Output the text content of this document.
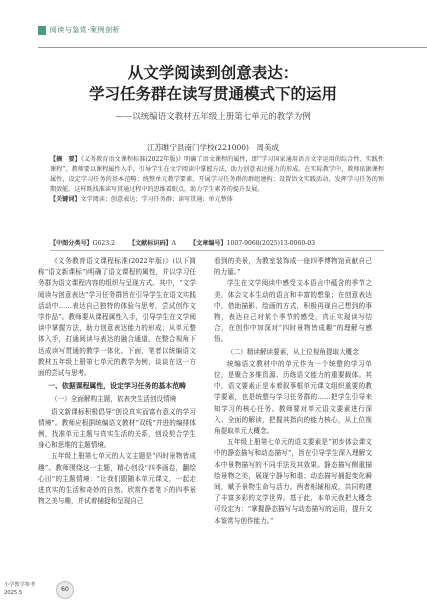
阅读与鉴赏·案例剖析
从文学阅读到创意表达：
学习任务群在读写贯通模式下的运用
——以统编语文教材五年级上册第七单元的教学为例
江苏睢宁县南门学校(221000)　周美成
【摘　要】《义务教育语文课程标准(2022年版)》明确了语文课程的属性，即“学习国家通用语言文字运用的综合性、实践性课程”。教师要以课程属性入手，引导学生在文学阅读中掌握方法，助力创意表达能力的形成。在实际教学中，教师依据课程属性，设定学习任务的基本范畴；统整单元教学要素，开展学习任务群的群组建构；设置语文实践活动，发挥学习任务的预期效能。这样既找准读写贯通过程中的思维着眼点，助力学生素养的提升发展。
【关键词】文学阅读；创意表达；学习任务群；读写贯通；单元整体
【中图分类号】G623.2 【文献标识码】A 【文章编号】1007-9068(2025)13-0060-03

《义务教育语文课程标准(2022年版)》(以下简称“语文新课标”)明确了语文课程的属性，并以学习任务群为语文课程内容的组织与呈现方式。其中，“文学阅读与创意表达”学习任务群旨在引导学生在语文实践活动中……表达自己独特的体验与思考，尝试创作文学作品”。教师要从课程属性入手，引导学生在文学阅读中掌握方法，助力创意表达能力的形成；从单元整体入手，打通阅读与表达的融合通道，在整合视角下达成读写贯通的教学一体化。下面，笔者以统编语文教材五年级上册第七单元的教学为例，谈谈在这一方面的尝试与思考。

一、依据课程属性，设定学习任务的基本范畴
（一）全面解构主题，依表突生活创设情境

语文新课标积极倡导“创设真实而富有意义的学习情境”。教师应根据统编语文教材“双线”并进的编排体例，找准单元主题与真实生活的关系，创设契合学生身心和思维的主题情境。

五年级上册第七单元的人文主题是“四时景物皆成趣”。教师围绕这一主题，精心创设“四季画卷，翻绘心田”的主题情境：“让我们跟随本单元课文，一起走进真实的生活和奇妙的自然。欣赏作者笔下的四季景物之美与趣，并试着捕捉和呈现自己

看到的美景，为教室装饰成一座四季博物馆贡献自己的力量。”

学生在文学阅读中感受文本语言中蕴含的季节之美，体会文本生动的语言和丰富的想象；在创意表达中，借助描影、绘画的方式，积极再现自己想到的事物，表达自己对某个季节的感受，真正实现读写结合，在创作中加深对“四时景物皆成趣”的理解与感悟。

（二）精读解读要素，从上位视角提取大概念

统编语文教材中的单元作为一个统整的学习单位，是聚合多维资源、历练语文能力的重要载体。其中，语文要素正是本着叙事框单元课文组织重要的教学要素，也是统整与学习任务群的……把学生引导来知学习的核心任务。教师要对单元语文要素进行深入、全面的解读，把握其指向的能力核心，从上位视角提取单元大概念。

五年级上册第七单元的语文要素是“初步体会课文中的静态描写和动态描写”，旨在引导学生深入理解文本中景物描写的不同手法及其效果。静态描写侧重描绘景物之美，展现宁静与和谐；动态描写捕捉变化瞬间，赋予景物生命与活力。两者相辅相成，共同构建了丰富多彩的文学世界。基于此，本单元我把大概念可设定为：“掌握静态描写与动态描写的运用，提升文本鉴赏与创作能力。”

小学教学参考
2025.5	60
